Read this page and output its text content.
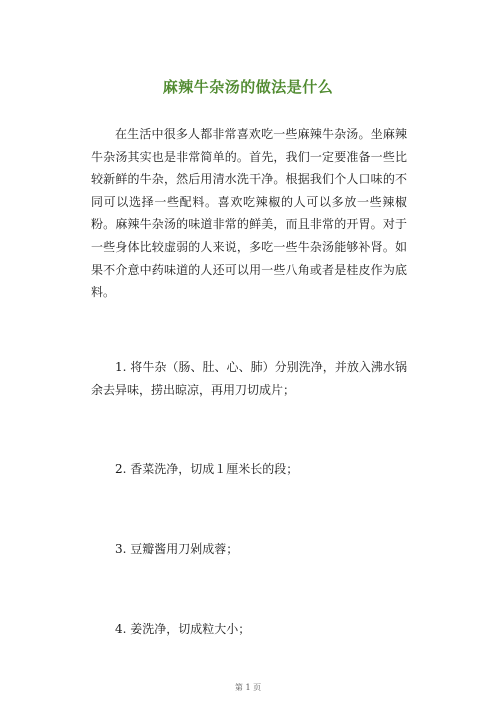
麻辣牛杂汤的做法是什么

在生活中很多人都非常喜欢吃一些麻辣牛杂汤。坐麻辣牛杂汤其实也是非常简单的。首先，我们一定要准备一些比较新鲜的牛杂，然后用清水洗干净。根据我们个人口味的不同可以选择一些配料。喜欢吃辣椒的人可以多放一些辣椒粉。麻辣牛杂汤的味道非常的鲜美，而且非常的开胃。对于一些身体比较虚弱的人来说，多吃一些牛杂汤能够补肾。如果不介意中药味道的人还可以用一些八角或者是桂皮作为底料。

1. 将牛杂（肠、肚、心、肺）分别洗净，并放入沸水锅余去异味，捞出晾凉，再用刀切成片；

2. 香菜洗净，切成１厘米长的段；

3. 豆瓣酱用刀剁成蓉；

4. 姜洗净，切成粒大小；

第 1 页
